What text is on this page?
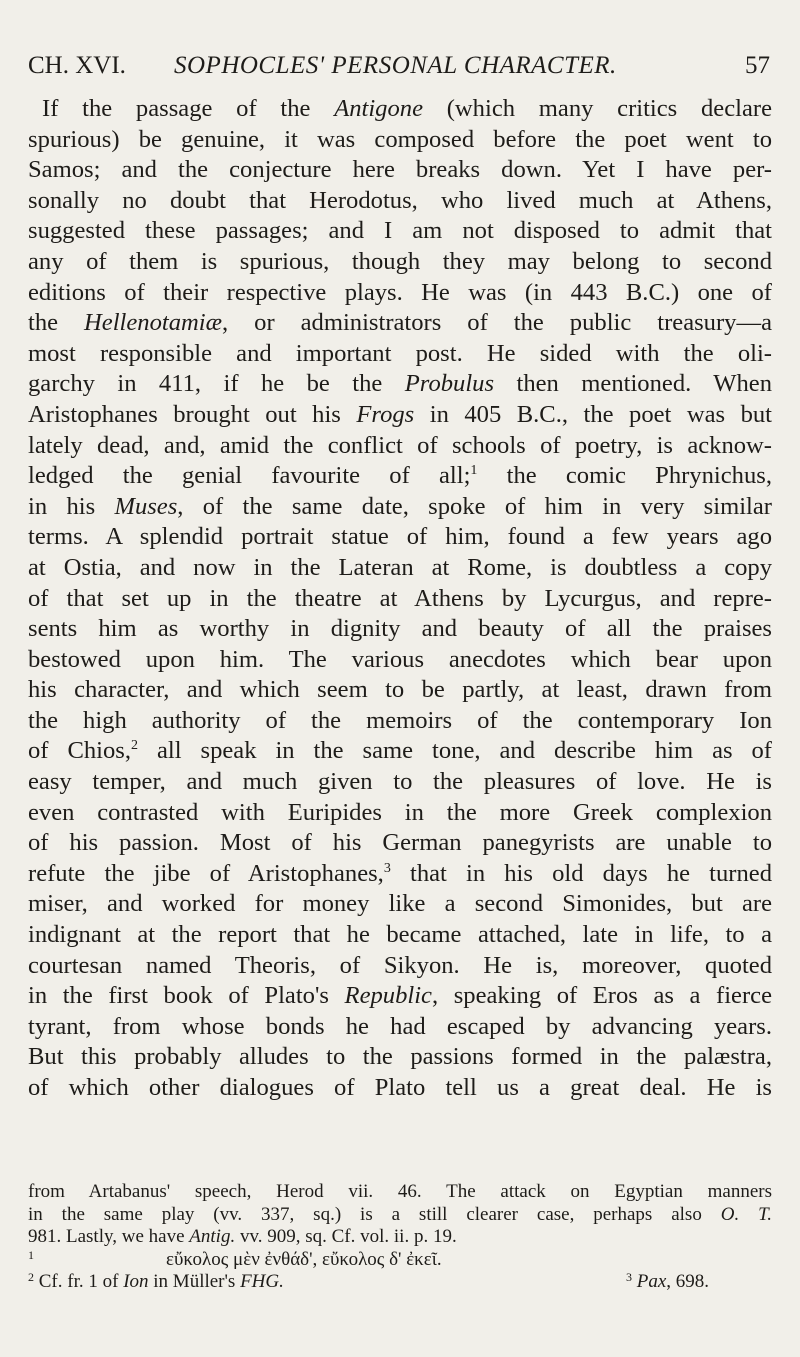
CH. XVI. SOPHOCLES' PERSONAL CHARACTER.	57
If the passage of the Antigone (which many critics declare
spurious) be genuine, it was composed before the poet went to
Samos; and the conjecture here breaks down. Yet I have per-
sonally no doubt that Herodotus, who lived much at Athens,
suggested these passages; and I am not disposed to admit that
any of them is spurious, though they may belong to second
editions of their respective plays. He was (in 443 B.C.) one of
the Hellenotamiæ, or administrators of the public treasury—a
most responsible and important post. He sided with the oli-
garchy in 411, if he be the Probulus then mentioned. When
Aristophanes brought out his Frogs in 405 B.C., the poet was but
lately dead, and, amid the conflict of schools of poetry, is acknow-
ledged the genial favourite of all;$^1$ the comic Phrynichus,
in his Muses, of the same date, spoke of him in very similar
terms. A splendid portrait statue of him, found a few years ago
at Ostia, and now in the Lateran at Rome, is doubtless a copy
of that set up in the theatre at Athens by Lycurgus, and repre-
sents him as worthy in dignity and beauty of all the praises
bestowed upon him. The various anecdotes which bear upon
his character, and which seem to be partly, at least, drawn from
the high authority of the memoirs of the contemporary Ion
of Chios,$^2$ all speak in the same tone, and describe him as of
easy temper, and much given to the pleasures of love. He is
even contrasted with Euripides in the more Greek complexion
of his passion. Most of his German panegyrists are unable to
refute the jibe of Aristophanes,$^3$ that in his old days he turned
miser, and worked for money like a second Simonides, but are
indignant at the report that he became attached, late in life, to a
courtesan named Theoris, of Sikyon. He is, moreover, quoted
in the first book of Plato's Republic, speaking of Eros as a fierce
tyrant, from whose bonds he had escaped by advancing years.
But this probably alludes to the passions formed in the palæstra,
of which other dialogues of Plato tell us a great deal. He is
from Artabanus' speech, Herod vii. 46. The attack on Egyptian manners
in the same play (vv. 337, sq.) is a still clearer case, perhaps also O. T.
981. Lastly, we have Antig. vv. 909, sq. Cf. vol. ii. p. 19.
$^1$	εὔκολος μὲν ἐνθάδ', εὔκολος δ' ἐκεῖ.
$^2$ Cf. fr. 1 of Ion in Müller's FHG.	$^3$ Pax, 698.
